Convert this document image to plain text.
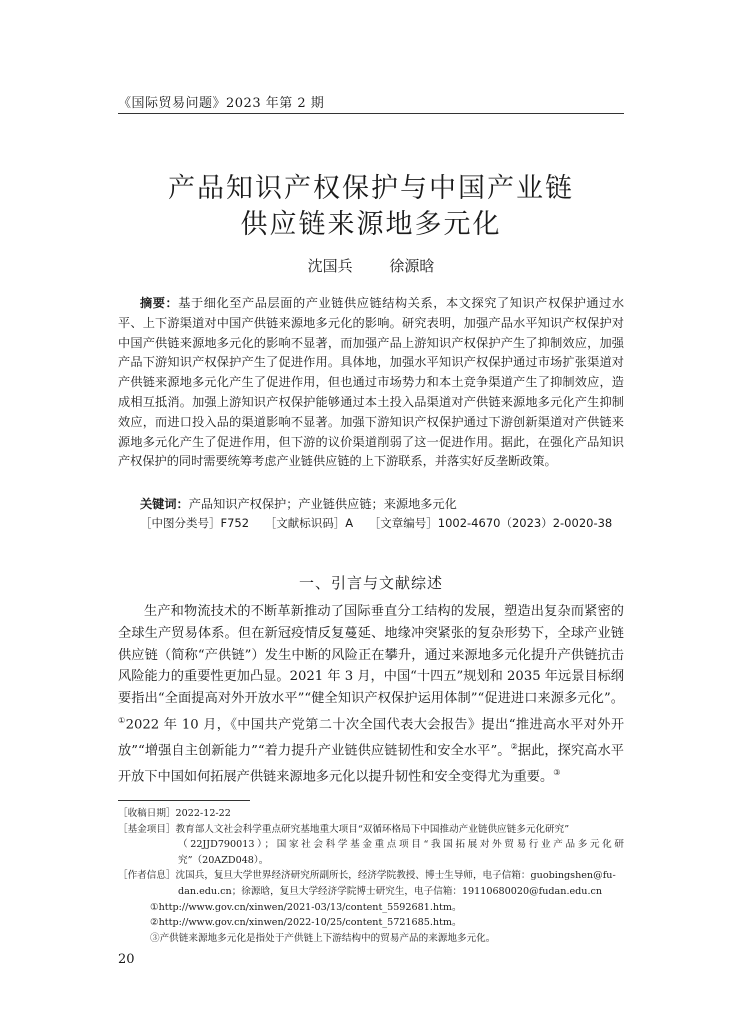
《国际贸易问题》2023 年第 2 期
产品知识产权保护与中国产业链
供应链来源地多元化
沈国兵 徐源晗
摘要：基于细化至产品层面的产业链供应链结构关系，本文探究了知识产权保护通过水平、上下游渠道对中国产供链来源地多元化的影响。研究表明，加强产品水平知识产权保护对中国产供链来源地多元化的影响不显著，而加强产品上游知识产权保护产生了抑制效应，加强产品下游知识产权保护产生了促进作用。具体地，加强水平知识产权保护通过市场扩张渠道对产供链来源地多元化产生了促进作用，但也通过市场势力和本土竞争渠道产生了抑制效应，造成相互抵消。加强上游知识产权保护能够通过本土投入品渠道对产供链来源地多元化产生抑制效应，而进口投入品的渠道影响不显著。加强下游知识产权保护通过下游创新渠道对产供链来源地多元化产生了促进作用，但下游的议价渠道削弱了这一促进作用。据此，在强化产品知识产权保护的同时需要统筹考虑产业链供应链的上下游联系，并落实好反垄断政策。
关键词：产品知识产权保护；产业链供应链；来源地多元化
［中图分类号］F752 ［文献标识码］A ［文章编号］1002-4670（2023）2-0020-38
一、引言与文献综述
生产和物流技术的不断革新推动了国际垂直分工结构的发展，塑造出复杂而紧密的全球生产贸易体系。但在新冠疫情反复蔓延、地缘冲突紧张的复杂形势下，全球产业链供应链（简称“产供链”）发生中断的风险正在攀升，通过来源地多元化提升产供链抗击风险能力的重要性更加凸显。2021 年 3 月，中国“十四五”规划和 2035 年远景目标纲要指出“全面提高对外开放水平”“健全知识产权保护运用体制”“促进进口来源多元化”。①2022 年 10 月，《中国共产党第二十次全国代表大会报告》提出“推进高水平对外开放”“增强自主创新能力”“着力提升产业链供应链韧性和安全水平”。②据此，探究高水平开放下中国如何拓展产供链来源地多元化以提升韧性和安全变得尤为重要。③

［收稿日期］2022-12-22

［基金项目］教育部人文社会科学重点研究基地重大项目“双循环格局下中国推动产业链供应链多元化研究”

（22JJD790013）；国家社会科学基金重点项目“我国拓展对外贸易行业产品多元化研究”（20AZD048）。

［作者信息］沈国兵，复旦大学世界经济研究所副所长，经济学院教授、博士生导师，电子信箱：guobingshen@fu-

dan.edu.cn；徐源晗，复旦大学经济学院博士研究生，电子信箱：19110680020@fudan.edu.cn

①http://www.gov.cn/xinwen/2021-03/13/content_5592681.htm。

②http://www.gov.cn/xinwen/2022-10/25/content_5721685.htm。

③产供链来源地多元化是指处于产供链上下游结构中的贸易产品的来源地多元化。

20
